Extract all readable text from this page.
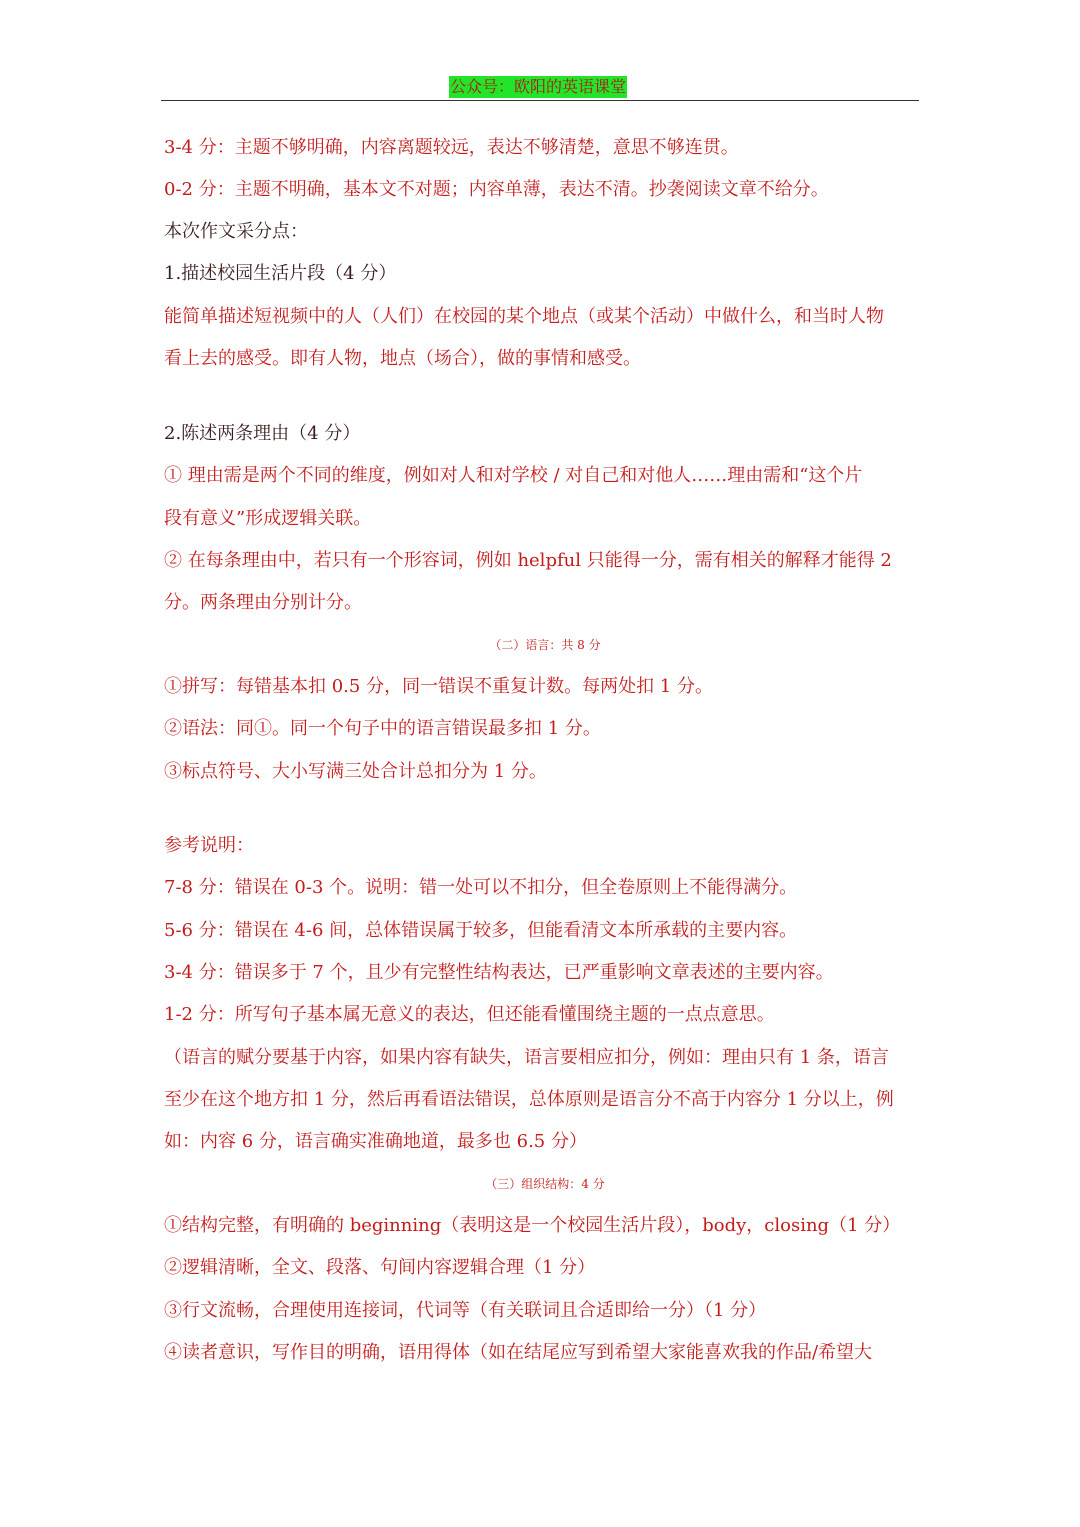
公众号：欧阳的英语课堂
3-4 分：主题不够明确，内容离题较远，表达不够清楚，意思不够连贯。
0-2 分：主题不明确，基本文不对题；内容单薄，表达不清。抄袭阅读文章不给分。
本次作文采分点：
1.描述校园生活片段（4 分）
能简单描述短视频中的人（人们）在校园的某个地点（或某个活动）中做什么，和当时人物
看上去的感受。即有人物，地点（场合），做的事情和感受。
2.陈述两条理由（4 分）
① 理由需是两个不同的维度，例如对人和对学校 / 对自己和对他人……理由需和“这个片
段有意义”形成逻辑关联。
② 在每条理由中，若只有一个形容词，例如 helpful 只能得一分，需有相关的解释才能得 2
分。两条理由分别计分。
（二）语言：共 8 分
①拼写：每错基本扣 0.5 分，同一错误不重复计数。每两处扣 1 分。
②语法：同①。同一个句子中的语言错误最多扣 1 分。
③标点符号、大小写满三处合计总扣分为 1 分。
参考说明：
7-8 分：错误在 0-3 个。说明：错一处可以不扣分，但全卷原则上不能得满分。
5-6 分：错误在 4-6 间，总体错误属于较多，但能看清文本所承载的主要内容。
3-4 分：错误多于 7 个，且少有完整性结构表达，已严重影响文章表述的主要内容。
1-2 分：所写句子基本属无意义的表达，但还能看懂围绕主题的一点点意思。
（语言的赋分要基于内容，如果内容有缺失，语言要相应扣分，例如：理由只有 1 条，语言
至少在这个地方扣 1 分，然后再看语法错误，总体原则是语言分不高于内容分 1 分以上，例
如：内容 6 分，语言确实准确地道，最多也 6.5 分）
（三）组织结构：4 分
①结构完整，有明确的 beginning（表明这是一个校园生活片段），body，closing（1 分）
②逻辑清晰，全文、段落、句间内容逻辑合理（1 分）
③行文流畅，合理使用连接词，代词等（有关联词且合适即给一分）（1 分）
④读者意识，写作目的明确，语用得体（如在结尾应写到希望大家能喜欢我的作品/希望大
